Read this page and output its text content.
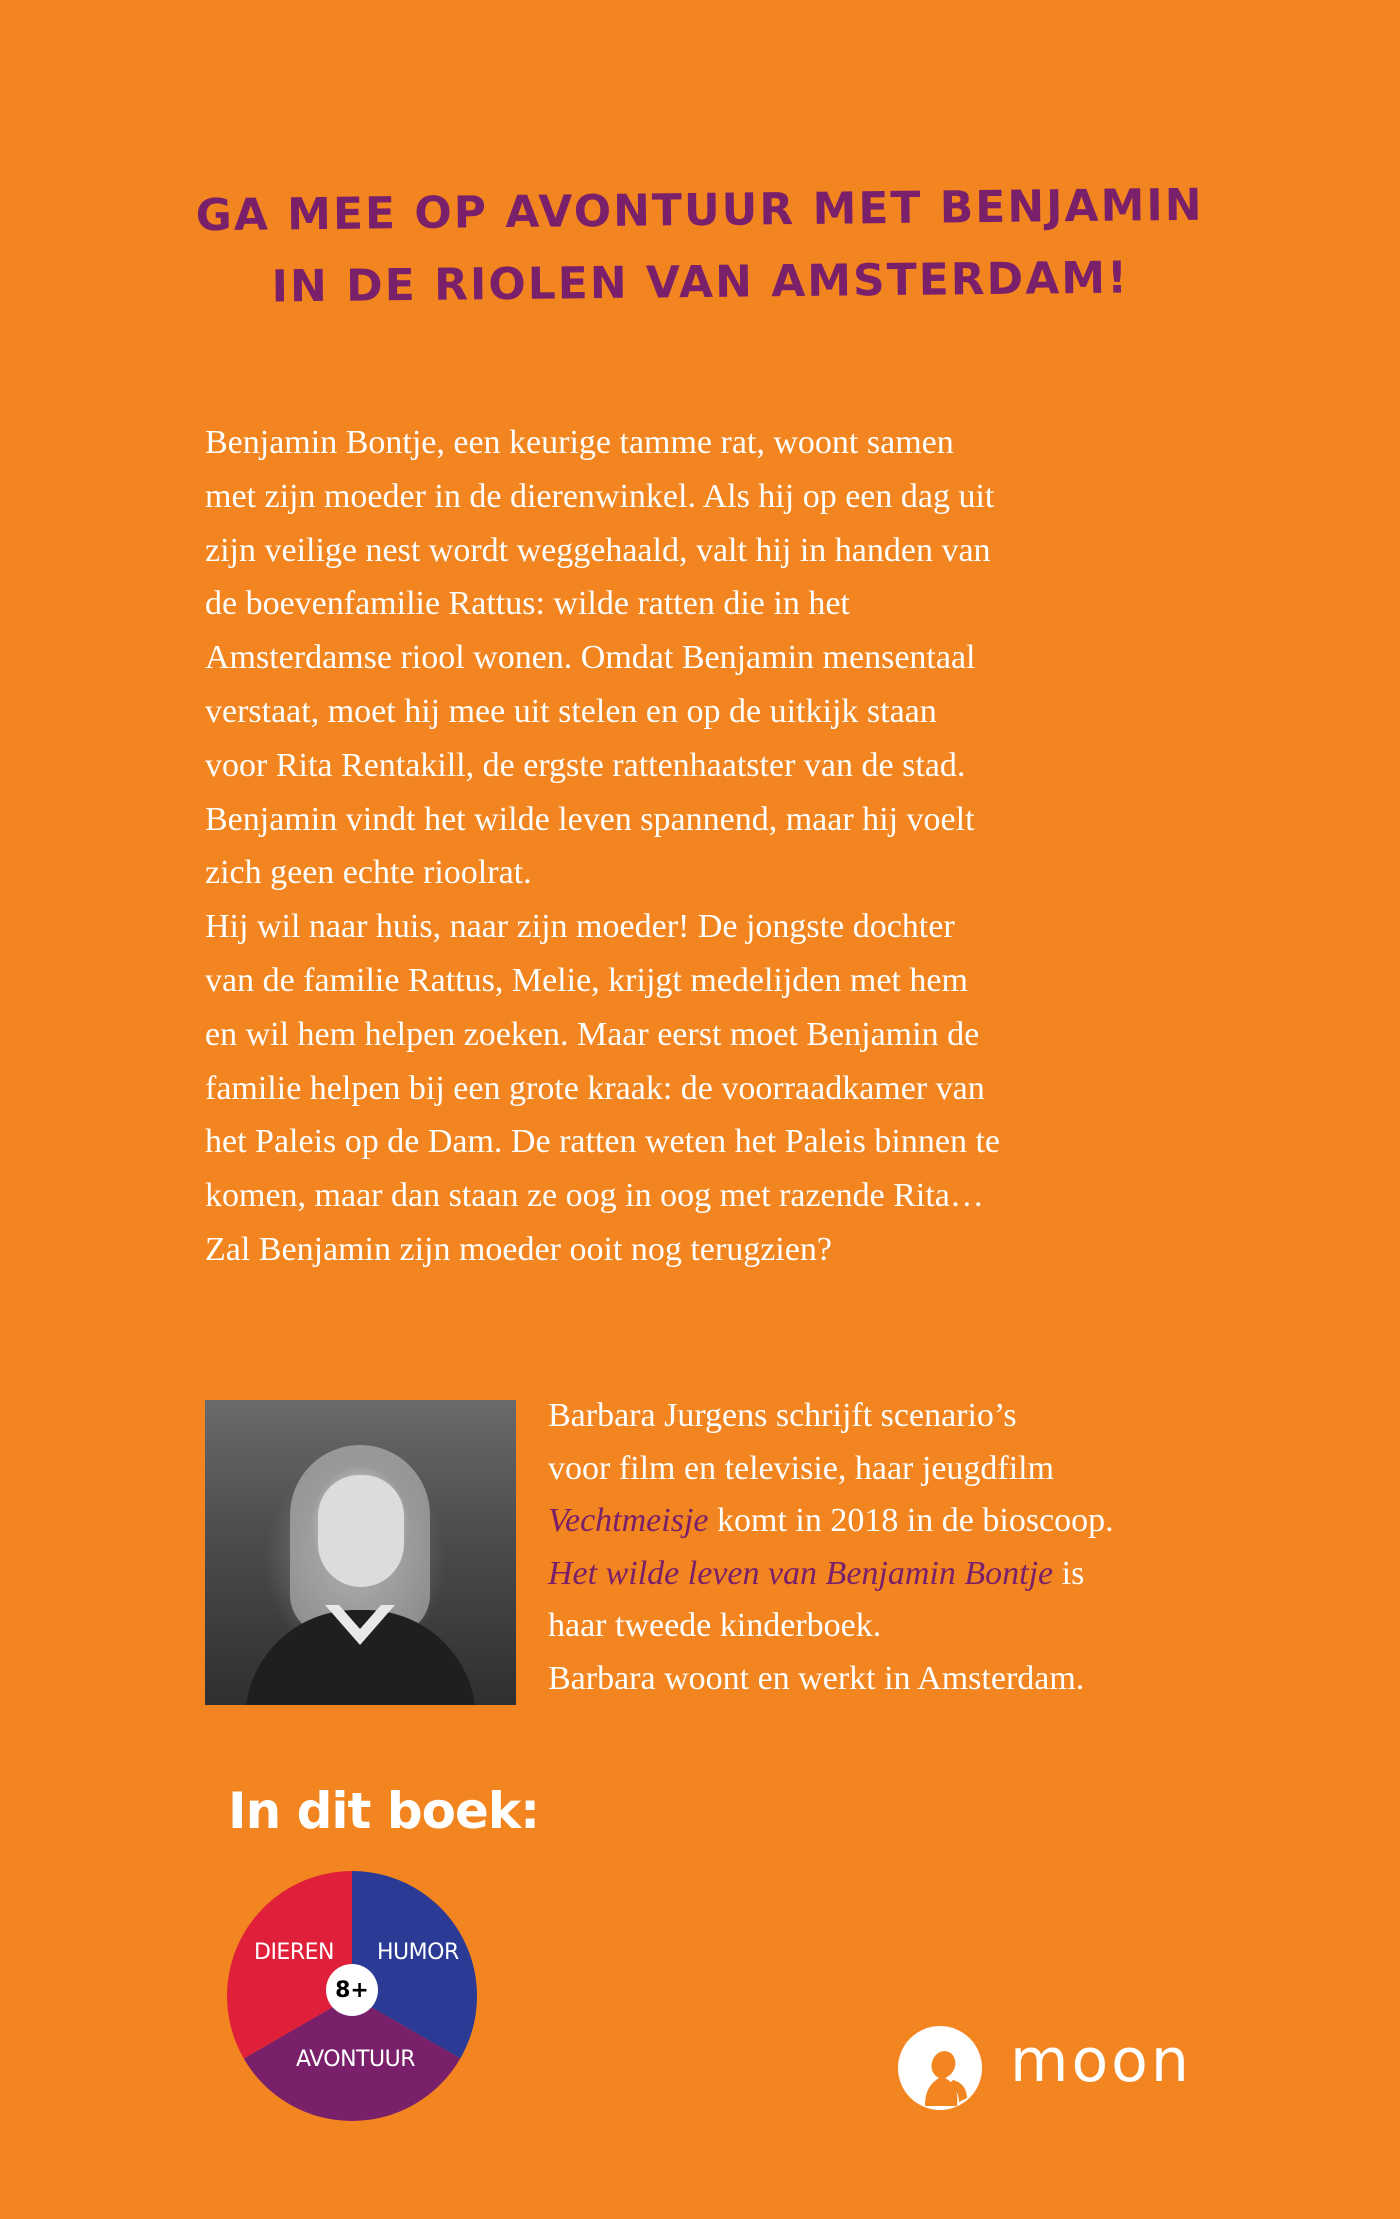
GA MEE OP AVONTUUR MET BENJAMIN
IN DE RIOLEN VAN AMSTERDAM!
Benjamin Bontje, een keurige tamme rat, woont samen
met zijn moeder in de dierenwinkel. Als hij op een dag uit
zijn veilige nest wordt weggehaald, valt hij in handen van
de boevenfamilie Rattus: wilde ratten die in het
Amsterdamse riool wonen. Omdat Benjamin mensentaal
verstaat, moet hij mee uit stelen en op de uitkijk staan
voor Rita Rentakill, de ergste rattenhaatster van de stad.
Benjamin vindt het wilde leven spannend, maar hij voelt
zich geen echte rioolrat.
Hij wil naar huis, naar zijn moeder! De jongste dochter
van de familie Rattus, Melie, krijgt medelijden met hem
en wil hem helpen zoeken. Maar eerst moet Benjamin de
familie helpen bij een grote kraak: de voorraadkamer van
het Paleis op de Dam. De ratten weten het Paleis binnen te
komen, maar dan staan ze oog in oog met razende Rita…
Zal Benjamin zijn moeder ooit nog terugzien?
Barbara Jurgens schrijft scenario’s
voor film en televisie, haar jeugdfilm
Vechtmeisje komt in 2018 in de bioscoop.
Het wilde leven van Benjamin Bontje is
haar tweede kinderboek.
Barbara woont en werkt in Amsterdam.
In dit boek:
DIEREN HUMOR
AVONTUUR
8+
moon
